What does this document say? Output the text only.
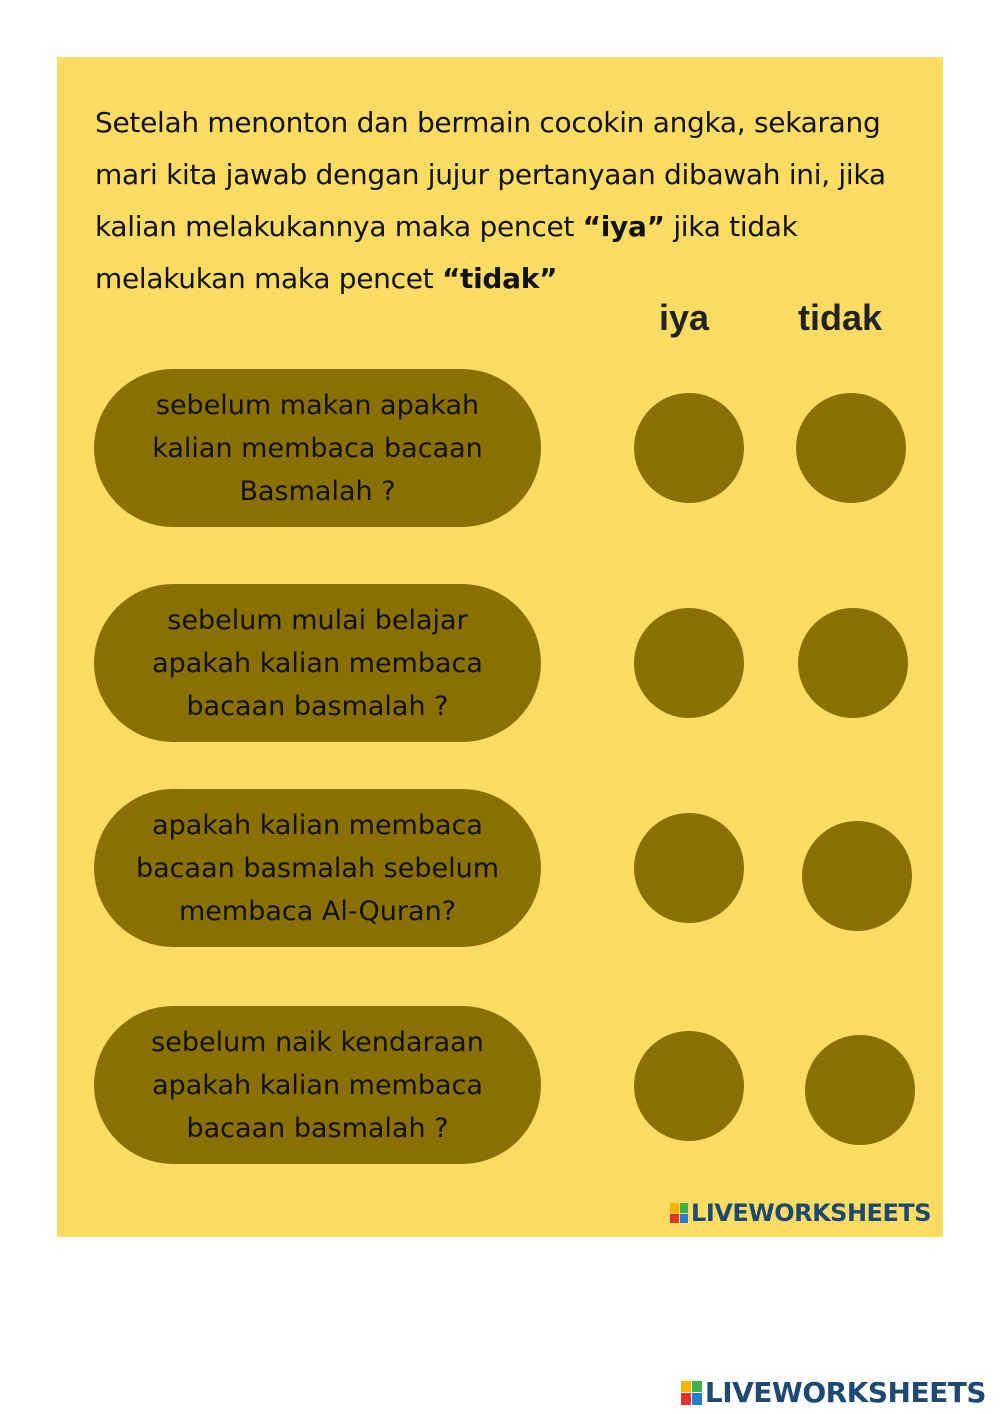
Setelah menonton dan bermain cocokin angka, sekarang mari kita jawab dengan jujur pertanyaan dibawah ini, jika kalian melakukannya maka pencet “iya” jika tidak melakukan maka pencet “tidak”

iya	tidak
sebelum makan apakah kalian membaca bacaan Basmalah ?
sebelum mulai belajar apakah kalian membaca bacaan basmalah ?
apakah kalian membaca bacaan basmalah sebelum membaca Al-Quran?
sebelum naik kendaraan apakah kalian membaca bacaan basmalah ?
LIVEWORKSHEETS
LIVEWORKSHEETS
